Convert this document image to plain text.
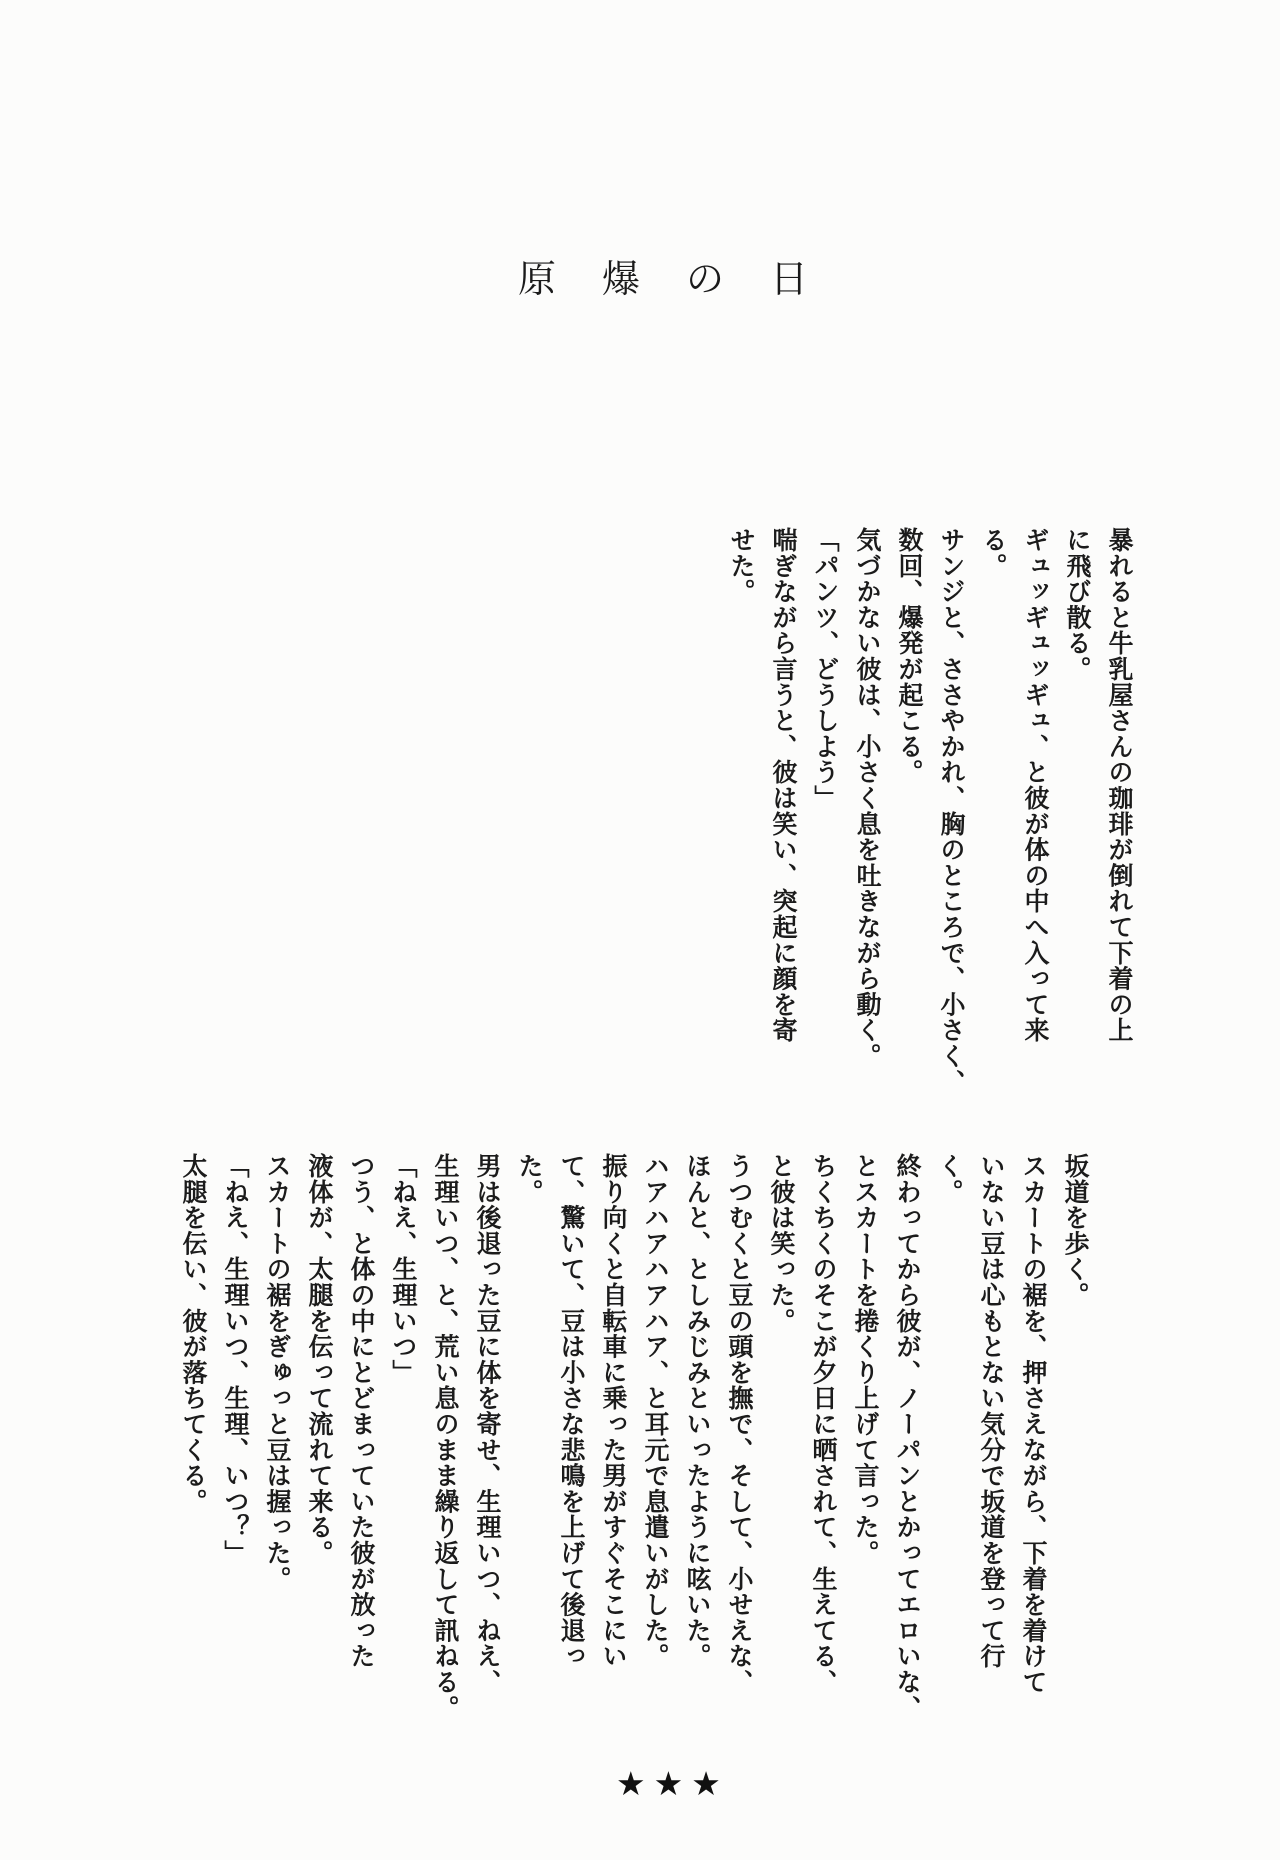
原爆の日

暴れると牛乳屋さんの珈琲が倒れて下着の上

に飛び散る。

ギュッギュッギュ、と彼が体の中へ入って来

る。

サンジと、ささやかれ、胸のところで、小さく、

数回、爆発が起こる。

気づかない彼は、小さく息を吐きながら動く。

「パンツ、どうしよう」

喘ぎながら言うと、彼は笑い、突起に顔を寄

せた。

坂道を歩く。

スカートの裾を、押さえながら、下着を着けて

いない豆は心もとない気分で坂道を登って行

く。

終わってから彼が、ノーパンとかってエロいな、

とスカートを捲くり上げて言った。

ちくちくのそこが夕日に晒されて、生えてる、

と彼は笑った。

うつむくと豆の頭を撫で、そして、小せえな、

ほんと、としみじみといったように呟いた。

ハアハアハアハア、と耳元で息遣いがした。

振り向くと自転車に乗った男がすぐそこにい

て、驚いて、豆は小さな悲鳴を上げて後退っ

た。

男は後退った豆に体を寄せ、生理いつ、ねえ、

生理いつ、と、荒い息のまま繰り返して訊ねる。

「ねえ、生理いつ」

つう、と体の中にとどまっていた彼が放った

液体が、太腿を伝って流れて来る。

スカートの裾をぎゅっと豆は握った。

「ねえ、生理いつ、生理、いつ？」

太腿を伝い、彼が落ちてくる。

★ ★ ★
